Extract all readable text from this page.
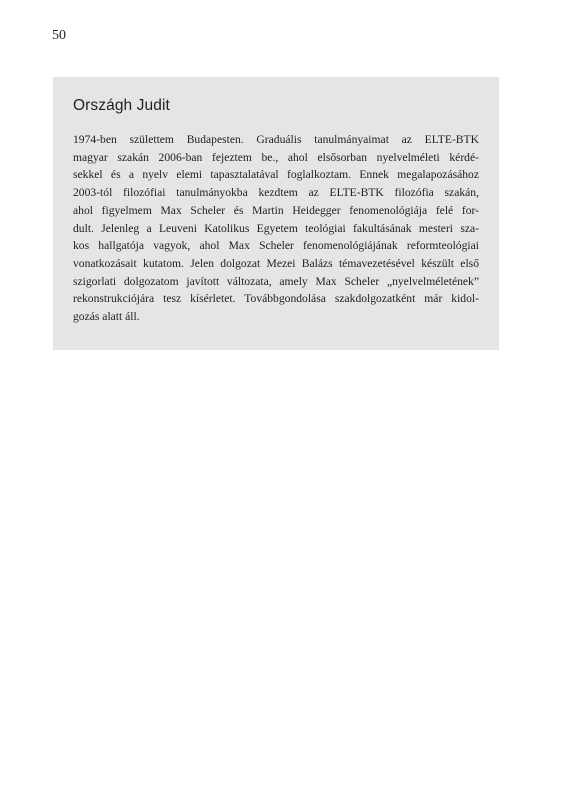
50
Országh Judit
1974-ben születtem Budapesten. Graduális tanulmányaimat az ELTE-BTK
magyar szakán 2006-ban fejeztem be., ahol elsősorban nyelvelméleti kérdé-
sekkel és a nyelv elemi tapasztalatával foglalkoztam. Ennek megalapozásához
2003-tól filozófiai tanulmányokba kezdtem az ELTE-BTK filozófia szakán,
ahol figyelmem Max Scheler és Martin Heidegger fenomenológiája felé for-
dult. Jelenleg a Leuveni Katolikus Egyetem teológiai fakultásának mesteri sza-
kos hallgatója vagyok, ahol Max Scheler fenomenológiájának reformteológiai
vonatkozásait kutatom. Jelen dolgozat Mezei Balázs témavezetésével készült első
szigorlati dolgozatom javított változata, amely Max Scheler „nyelvelméletének”
rekonstrukciójára tesz kísérletet. Továbbgondolása szakdolgozatként már kidol-
gozás alatt áll.
